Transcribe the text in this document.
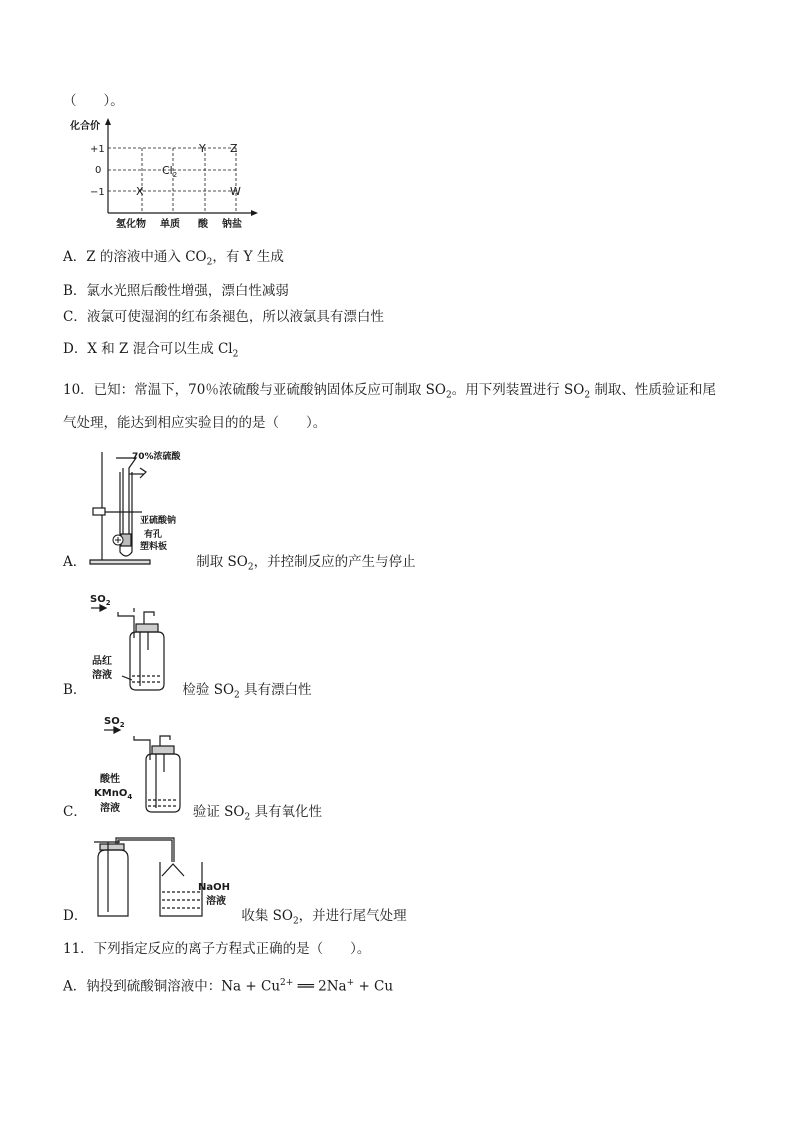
（　　）。
化合价
+1
0
−1
Y Z
$Cl_2$
X	W
氢化物 单质 酸 钠盐
A．Z 的溶液中通入 $CO_2$，有 Y 生成
B．氯水光照后酸性增强，漂白性减弱
C．液氯可使湿润的红布条褪色，所以液氯具有漂白性
D．X 和 Z 混合可以生成 $Cl_2$
10．已知：常温下，70％浓硫酸与亚硫酸钠固体反应可制取 $SO_2$。用下列装置进行 $SO_2$ 制取、性质验证和尾
气处理，能达到相应实验目的的是（　　）。
70%浓硫酸
亚硫酸钠
有孔
塑料板
A．	制取 $SO_2$，并控制反应的产生与停止
$SO_2$
品红
溶液
B．	检验 $SO_2$ 具有漂白性
$SO_2$
酸性
KMnO$_4$
溶液
C．	验证 $SO_2$ 具有氧化性
NaOH
溶液
D．	收集 $SO_2$，并进行尾气处理
11．下列指定反应的离子方程式正确的是（　　）。
A．钠投到硫酸铜溶液中：$Na + Cu^{2+}$ ══ 2Na+ + Cu
